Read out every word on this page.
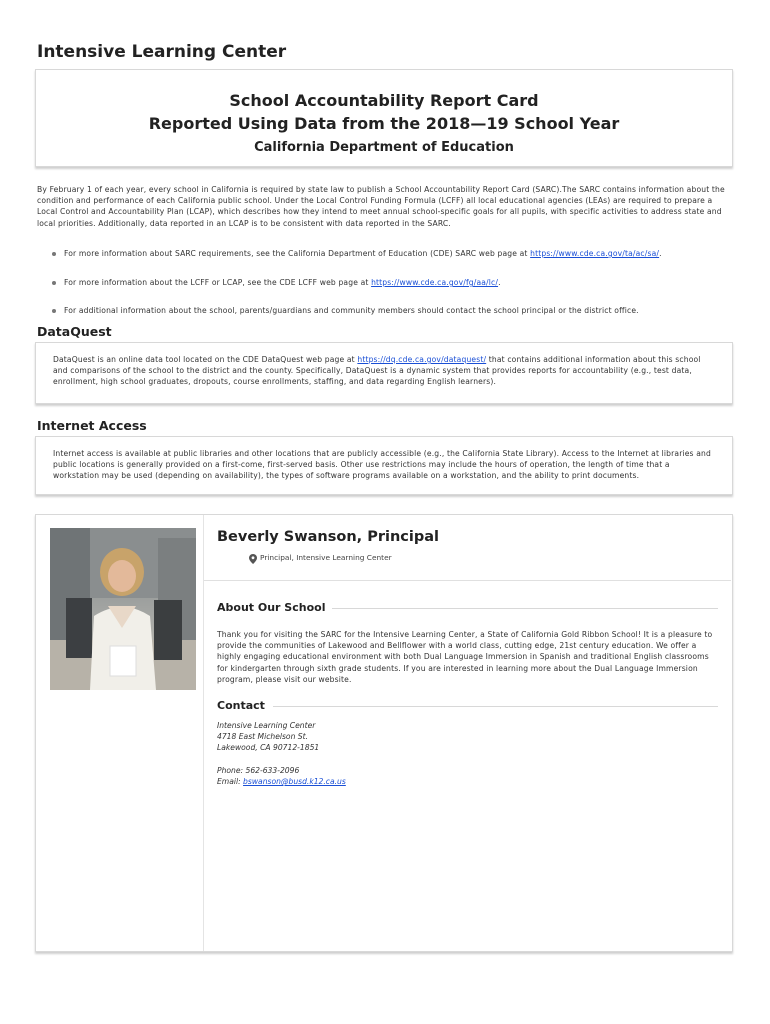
Intensive Learning Center
School Accountability Report Card
Reported Using Data from the 2018—19 School Year
California Department of Education
By February 1 of each year, every school in California is required by state law to publish a School Accountability Report Card (SARC).The SARC contains information about the condition and performance of each California public school. Under the Local Control Funding Formula (LCFF) all local educational agencies (LEAs) are required to prepare a Local Control and Accountability Plan (LCAP), which describes how they intend to meet annual school-specific goals for all pupils, with specific activities to address state and local priorities. Additionally, data reported in an LCAP is to be consistent with data reported in the SARC.
For more information about SARC requirements, see the California Department of Education (CDE) SARC web page at https://www.cde.ca.gov/ta/ac/sa/.
For more information about the LCFF or LCAP, see the CDE LCFF web page at https://www.cde.ca.gov/fg/aa/lc/.
For additional information about the school, parents/guardians and community members should contact the school principal or the district office.
DataQuest
DataQuest is an online data tool located on the CDE DataQuest web page at https://dq.cde.ca.gov/dataquest/ that contains additional information about this school and comparisons of the school to the district and the county. Specifically, DataQuest is a dynamic system that provides reports for accountability (e.g., test data, enrollment, high school graduates, dropouts, course enrollments, staffing, and data regarding English learners).
Internet Access
Internet access is available at public libraries and other locations that are publicly accessible (e.g., the California State Library). Access to the Internet at libraries and public locations is generally provided on a first-come, first-served basis. Other use restrictions may include the hours of operation, the length of time that a workstation may be used (depending on availability), the types of software programs available on a workstation, and the ability to print documents.
Beverly Swanson, Principal
Principal, Intensive Learning Center
About Our School
Thank you for visiting the SARC for the Intensive Learning Center, a State of California Gold Ribbon School! It is a pleasure to provide the communities of Lakewood and Bellflower with a world class, cutting edge, 21st century education. We offer a highly engaging educational environment with both Dual Language Immersion in Spanish and traditional English classrooms for kindergarten through sixth grade students. If you are interested in learning more about the Dual Language Immersion program, please visit our website.
Contact
Intensive Learning Center
4718 East Michelson St.
Lakewood, CA 90712-1851
Phone: 562-633-2096
Email: bswanson@busd.k12.ca.us
